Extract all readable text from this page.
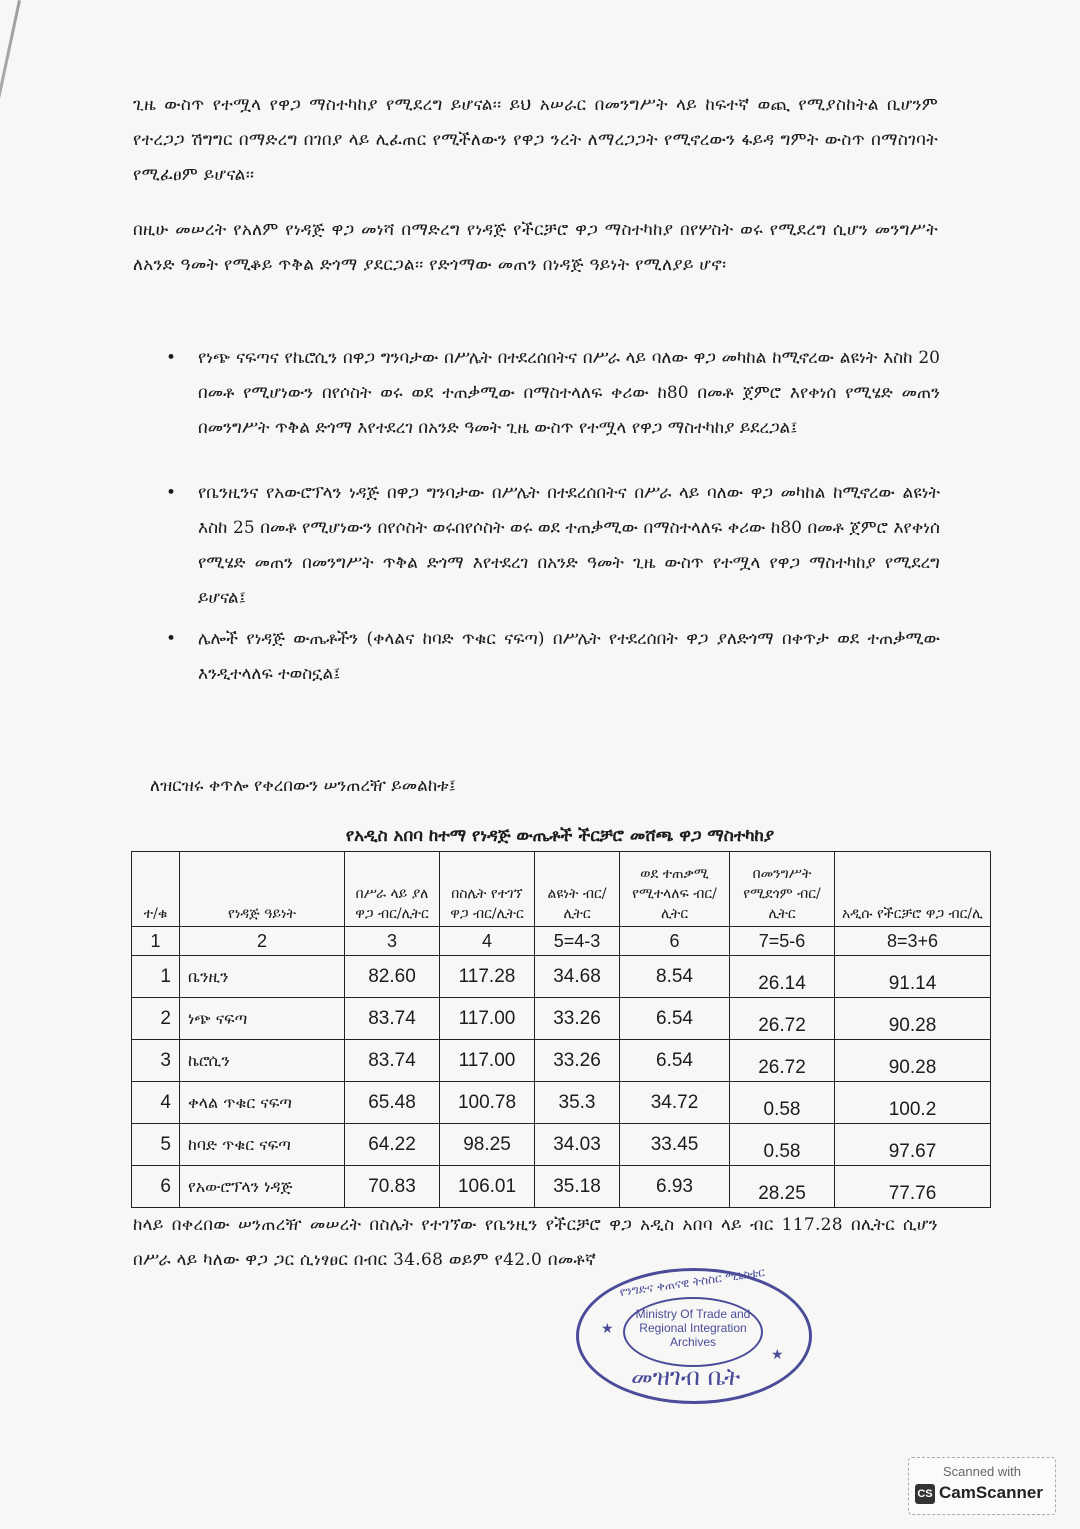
ጊዜ ውስጥ የተሟላ የዋጋ ማስተካከያ የሚደረግ ይሆናል፡፡ ይህ አሠራር በመንግሥት ላይ ከፍተኛ ወጪ የሚያስከትል ቢሆንም የተረጋጋ ሽግግር በማድረግ በገበያ ላይ ሊፈጠር የሚችለውን የዋጋ ንረት ለማረጋጋት የሚኖረውን ፋይዳ ግምት ውስጥ በማስገባት የሚፈፀም ይሆናል፡፡

በዚሁ መሠረት የአለም የነዳጅ ዋጋ መነሻ በማድረግ የነዳጅ የችርቻሮ ዋጋ ማስተካከያ በየሦስት ወሩ የሚደረግ ሲሆን መንግሥት ለአንድ ዓመት የሚቆይ ጥቅል ድጎማ ያደርጋል፡፡ የድጎማው መጠን በነዳጅ ዓይነት የሚለያይ ሆኖ፡

• የነጭ ናፍጣና የኬሮሲን በዋጋ ግንባታው በሥሌት በተደረሰበትና በሥራ ላይ ባለው ዋጋ መካከል ከሚኖረው ልዩነት እስከ 20 በመቶ የሚሆነውን በየሶስት ወሩ ወደ ተጠቃሚው በማስተላለፍ ቀሪው ከ80 በመቶ ጀምሮ እየቀነሰ የሚሄድ መጠን በመንግሥት ጥቅል ድጎማ እየተደረገ በአንድ ዓመት ጊዜ ውስጥ የተሟላ የዋጋ ማስተካከያ ይደረጋል፤
• የቤንዚንና የአውሮፕላን ነዳጅ በዋጋ ግንባታው በሥሌት በተደረሰበትና በሥራ ላይ ባለው ዋጋ መካከል ከሚኖረው ልዩነት እስከ 25 በመቶ የሚሆነውን በየሶስት ወሩበየሶስት ወሩ ወደ ተጠቃሚው በማስተላለፍ ቀሪው ከ80 በመቶ ጀምሮ እየቀነሰ የሚሄድ መጠን በመንግሥት ጥቅል ድጎማ እየተደረገ በአንድ ዓመት ጊዜ ውስጥ የተሟላ የዋጋ ማስተካከያ የሚደረግ ይሆናል፤
• ሌሎች የነዳጅ ውጤቶችን (ቀላልና ከባድ ጥቁር ናፍጣ) በሥሌት የተደረሰበት ዋጋ ያለድጎማ በቀጥታ ወደ ተጠቃሚው እንዲተላለፍ ተወስኗል፤
ለዝርዝሩ ቀጥሎ የቀረበውን ሠንጠረዥ ይመልከቱ፤
የአዲስ አበባ ከተማ የነዳጅ ውጤቶች ችርቻሮ መሸጫ ዋጋ ማስተካከያ
ተ/ቁ	የነዳጅ ዓይነት	በሥራ ላይ ያለ ዋጋ ብር/ሊትር	በስሌት የተገኘ ዋጋ ብር/ሊትር	ልዩነት ብር/ሊትር	ወደ ተጠቃሚ የሚተላለፍ ብር/ሊትር	በመንግሥት የሚደጎም ብር/ሊትር	አዲሱ የችርቻሮ ዋጋ ብር/ሊ
1	2	3	4	5=4-3	6	7=5-6	8=3+6
1	ቤንዚን	82.60	117.28	34.68	8.54	26.14	91.14
2	ነጭ ናፍጣ	83.74	117.00	33.26	6.54	26.72	90.28
3	ኬሮሲን	83.74	117.00	33.26	6.54	26.72	90.28
4	ቀላል ጥቁር ናፍጣ	65.48	100.78	35.3	34.72	0.58	100.2
5	ከባድ ጥቁር ናፍጣ	64.22	98.25	34.03	33.45	0.58	97.67
6	የአውሮፕላን ነዳጅ	70.83	106.01	35.18	6.93	28.25	77.76

ከላይ በቀረበው ሠንጠረዥ መሠረት በስሌት የተገኘው የቤንዚን የችርቻሮ ዋጋ አዲስ አበባ ላይ ብር 117.28 በሊትር ሲሆን በሥራ ላይ ካለው ዋጋ ጋር ሲነፃፀር በብር 34.68 ወይም የ42.0 በመቶኛ

የንግድና ቀጠናዊ ትስስር ሚኒስቴር
★
★
Ministry Of Trade and Regional Integration Archives
መዝገብ ቤት
Scanned with
CS CamScanner
